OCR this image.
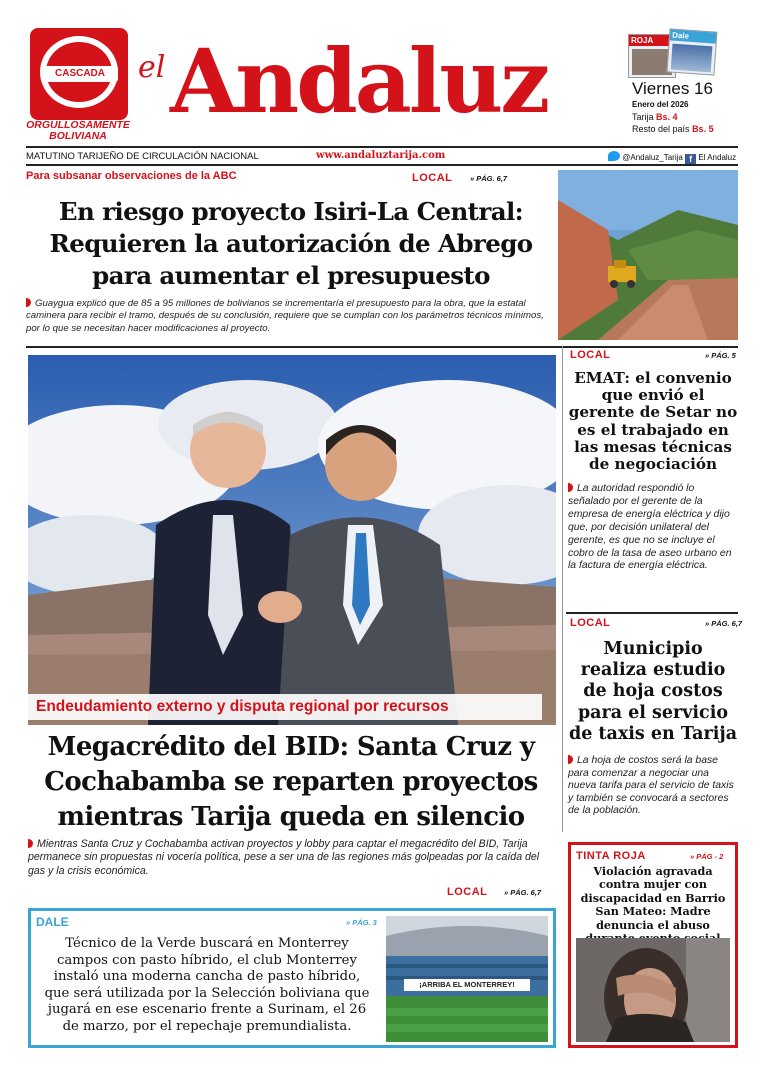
CASCADA
ORGULLOSAMENTE BOLIVIANA
el Andaluz	ROJA	Dale
Viernes 16
Enero del 2026
Tarija Bs. 4
Resto del país Bs. 5
MATUTINO TARIJEÑO DE CIRCULACIÓN NACIONAL	www.andaluztarija.com	@Andaluz_Tarija f El Andaluz
Para subsanar observaciones de la ABC	LOCAL » PÁG. 6,7
En riesgo proyecto Isiri-La Central: Requieren la autorización de Abrego para aumentar el presupuesto
Guaygua explicó que de 85 a 95 millones de bolivianos se incrementaría el presupuesto para la obra, que la estatal caminera para recibir el tramo, después de su conclusión, requiere que se cumplan con los parámetros técnicos mínimos, por lo que se necesitan hacer modificaciones al proyecto.
Endeudamiento externo y disputa regional por recursos
Megacrédito del BID: Santa Cruz y Cochabamba se reparten proyectos mientras Tarija queda en silencio
Mientras Santa Cruz y Cochabamba activan proyectos y lobby para captar el megacrédito del BID, Tarija permanece sin propuestas ni vocería política, pese a ser una de las regiones más golpeadas por la caída del gas y la crisis económica.
LOCAL » PÁG. 6,7
LOCAL	» PÁG. 5
EMAT: el convenio que envió el gerente de Setar no es el trabajado en las mesas técnicas de negociación
La autoridad respondió lo señalado por el gerente de la empresa de energía eléctrica y dijo que, por decisión unilateral del gerente, es que no se incluye el cobro de la tasa de aseo urbano en la factura de energía eléctrica.
LOCAL	» PÁG. 6,7
Municipio realiza estudio de hoja costos para el servicio de taxis en Tarija
La hoja de costos será la base para comenzar a negociar una nueva tarifa para el servicio de taxis y también se convocará a sectores de la población.
TINTA ROJA	» PÁG - 2
Violación agravada contra mujer con discapacidad en Barrio San Mateo: Madre denuncia el abuso
DALE	» PÁG. 3
Técnico de la Verde buscará en Monterrey campos con pasto híbrido, el club Monterrey instaló una moderna cancha de pasto híbrido, que será utilizada por la Selección boliviana que jugará en ese escenario frente a Surinam, el 26 de marzo, por el repechaje premundialista.
¡ARRIBA EL MONTERREY!
